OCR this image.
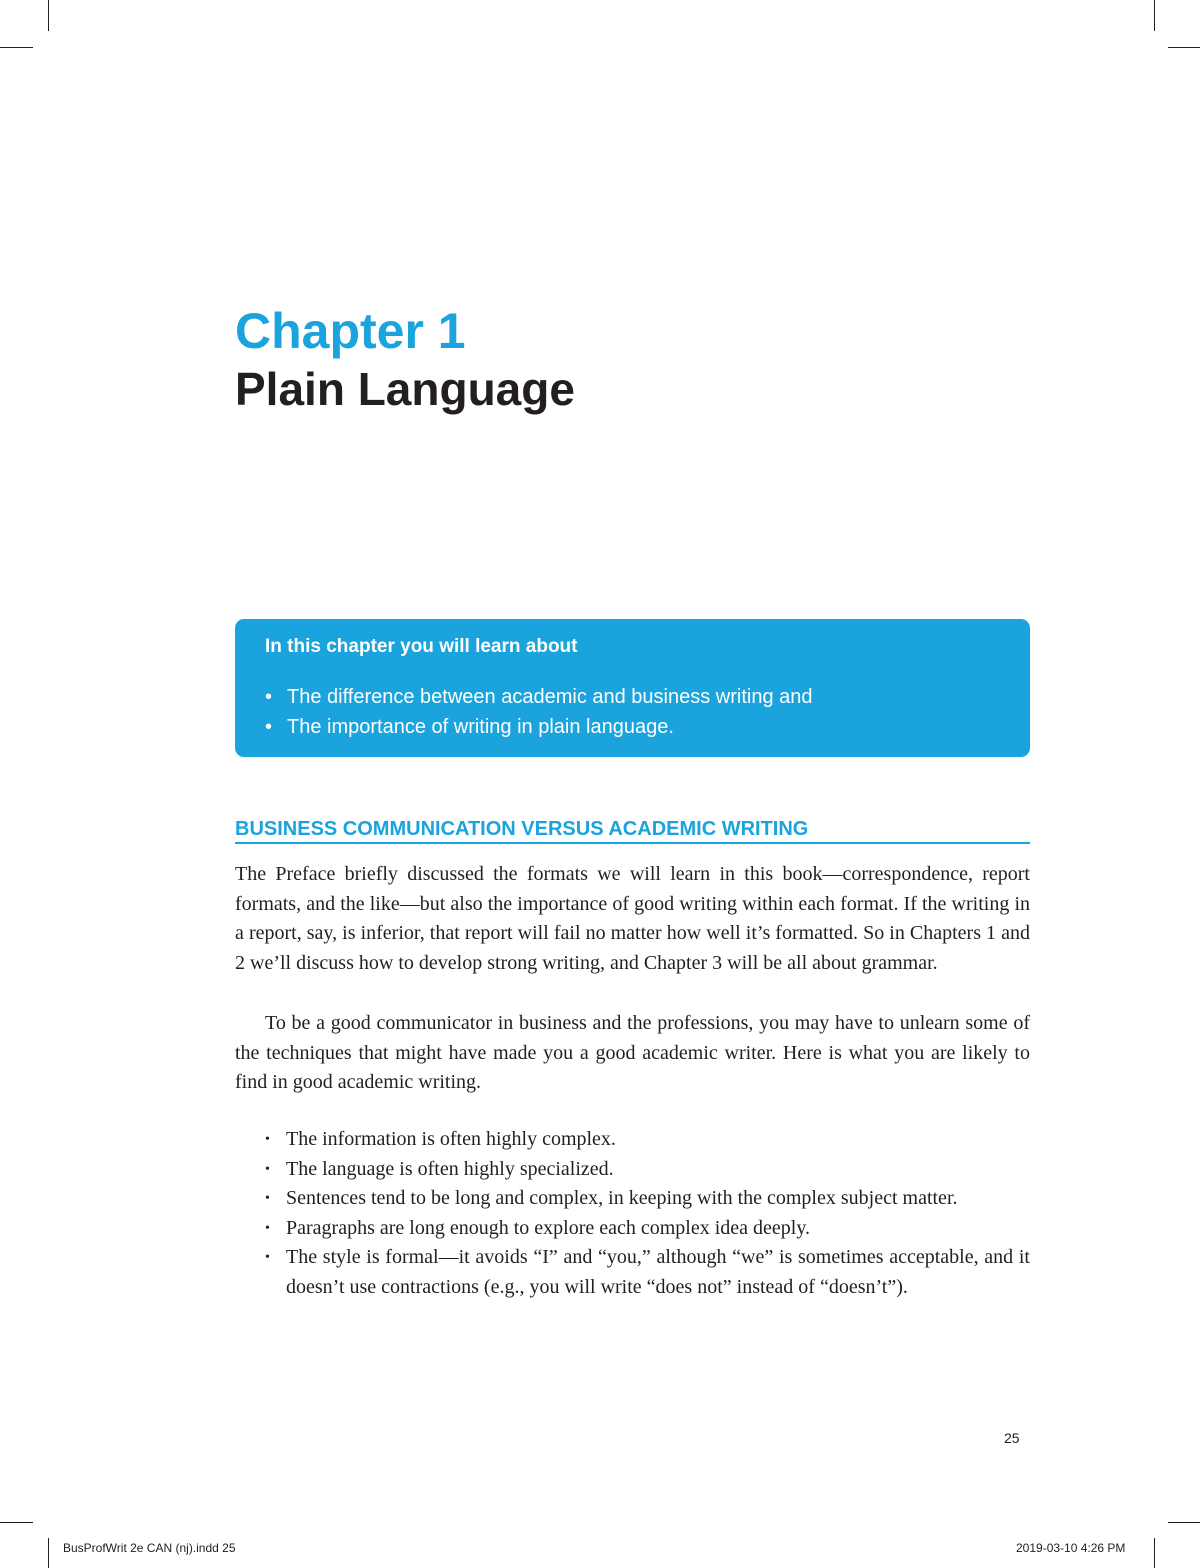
Chapter 1
Plain Language
In this chapter you will learn about
• The difference between academic and business writing and
• The importance of writing in plain language.
BUSINESS COMMUNICATION VERSUS ACADEMIC WRITING

The Preface briefly discussed the formats we will learn in this book—correspondence, report formats, and the like—but also the importance of good writing within each format. If the writing in a report, say, is inferior, that report will fail no matter how well it’s formatted. So in Chapters 1 and 2 we’ll discuss how to develop strong writing, and Chapter 3 will be all about grammar.

To be a good communicator in business and the professions, you may have to unlearn some of the techniques that might have made you a good academic writer. Here is what you are likely to find in good academic writing.

• The information is often highly complex.
• The language is often highly specialized.
• Sentences tend to be long and complex, in keeping with the complex subject matter.
• Paragraphs are long enough to explore each complex idea deeply.
• The style is formal—it avoids “I” and “you,” although “we” is sometimes acceptable, and it doesn’t use contractions (e.g., you will write “does not” instead of “doesn’t”).
25
BusProfWrit 2e CAN (nj).indd 25	2019-03-10 4:26 PM
